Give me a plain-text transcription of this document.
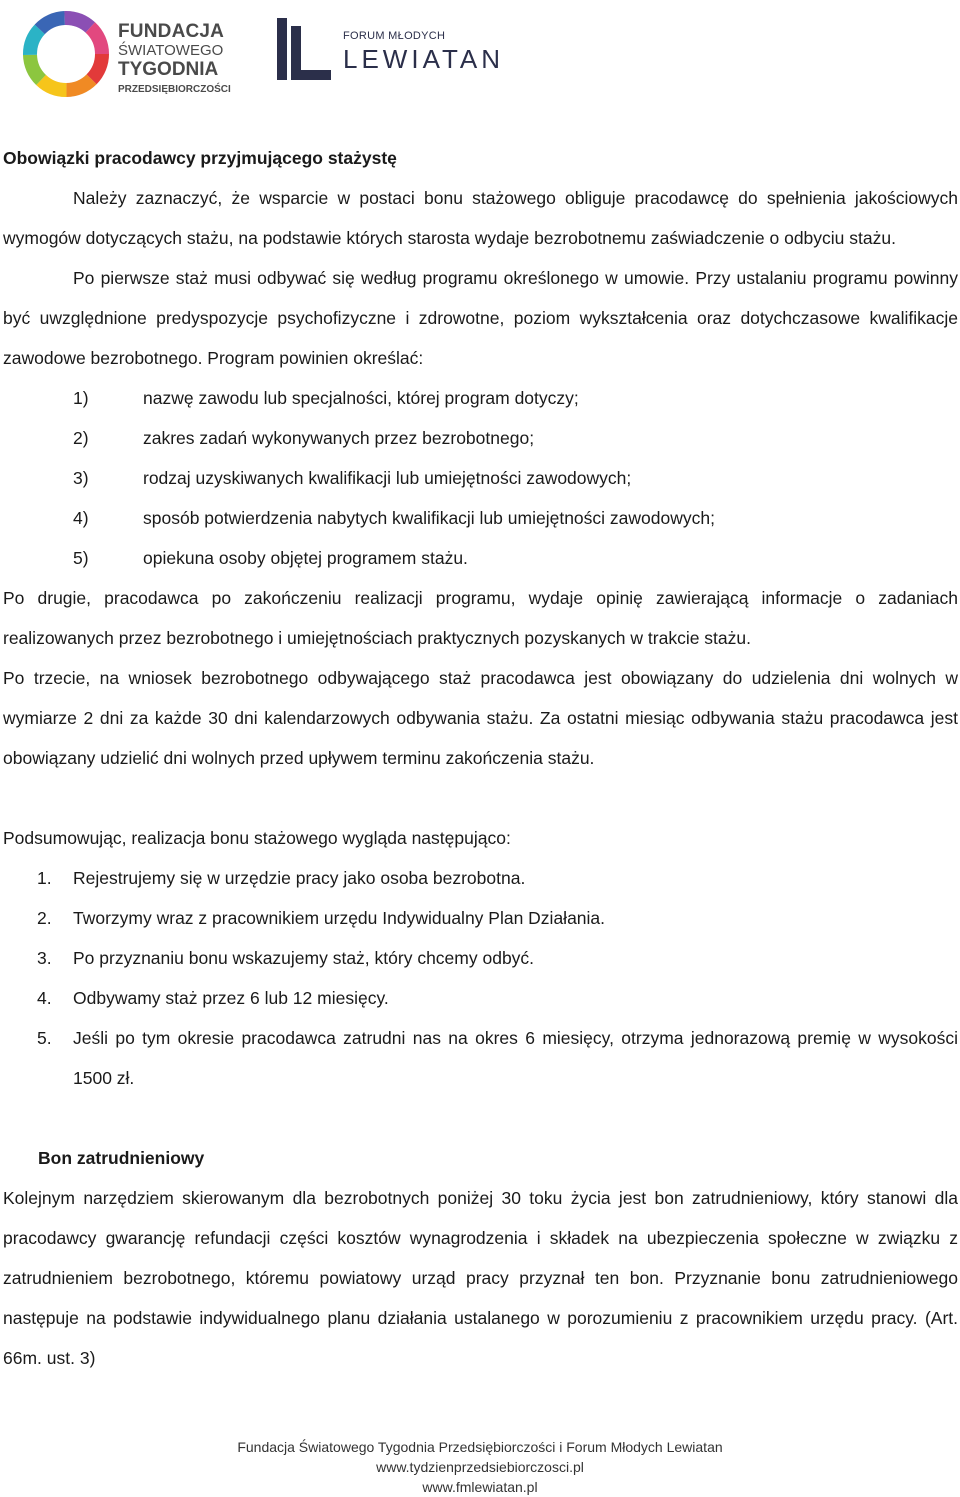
FUNDACJA
ŚWIATOWEGO
TYGODNIA
PRZEDSIĘBIORCZOŚCI
FORUM MŁODYCH
LEWIATAN

Obowiązki pracodawcy przyjmującego stażystę

Należy zaznaczyć, że wsparcie w postaci bonu stażowego obliguje pracodawcę do spełnienia jakościowych wymogów dotyczących stażu, na podstawie których starosta wydaje bezrobotnemu zaświadczenie o odbyciu stażu.

Po pierwsze staż musi odbywać się według programu określonego w umowie. Przy ustalaniu programu powinny być uwzględnione predyspozycje psychofizyczne i zdrowotne, poziom wykształcenia oraz dotychczasowe kwalifikacje zawodowe bezrobotnego. Program powinien określać:

1)	nazwę zawodu lub specjalności, której program dotyczy;
2)	zakres zadań wykonywanych przez bezrobotnego;
3)	rodzaj uzyskiwanych kwalifikacji lub umiejętności zawodowych;
4)	sposób potwierdzenia nabytych kwalifikacji lub umiejętności zawodowych;
5)	opiekuna osoby objętej programem stażu.

Po drugie, pracodawca po zakończeniu realizacji programu, wydaje opinię zawierającą informacje o zadaniach realizowanych przez bezrobotnego i umiejętnościach praktycznych pozyskanych w trakcie stażu.

Po trzecie, na wniosek bezrobotnego odbywającego staż pracodawca jest obowiązany do udzielenia dni wolnych w wymiarze 2 dni za każde 30 dni kalendarzowych odbywania stażu. Za ostatni miesiąc odbywania stażu pracodawca jest obowiązany udzielić dni wolnych przed upływem terminu zakończenia stażu.

Podsumowując, realizacja bonu stażowego wygląda następująco:

1. Rejestrujemy się w urzędzie pracy jako osoba bezrobotna.
2. Tworzymy wraz z pracownikiem urzędu Indywidualny Plan Działania.
3. Po przyznaniu bonu wskazujemy staż, który chcemy odbyć.
4. Odbywamy staż przez 6 lub 12 miesięcy.
5. Jeśli po tym okresie pracodawca zatrudni nas na okres 6 miesięcy, otrzyma jednorazową premię w wysokości 1500 zł.

Bon zatrudnieniowy

Kolejnym narzędziem skierowanym dla bezrobotnych poniżej 30 toku życia jest bon zatrudnieniowy, który stanowi dla pracodawcy gwarancję refundacji części kosztów wynagrodzenia i składek na ubezpieczenia społeczne w związku z zatrudnieniem bezrobotnego, któremu powiatowy urząd pracy przyznał ten bon. Przyznanie bonu zatrudnieniowego następuje na podstawie indywidualnego planu działania ustalanego w porozumieniu z pracownikiem urzędu pracy. (Art. 66m. ust. 3)

Fundacja Światowego Tygodnia Przedsiębiorczości i Forum Młodych Lewiatan
www.tydzienprzedsiebiorczosci.pl
www.fmlewiatan.pl
